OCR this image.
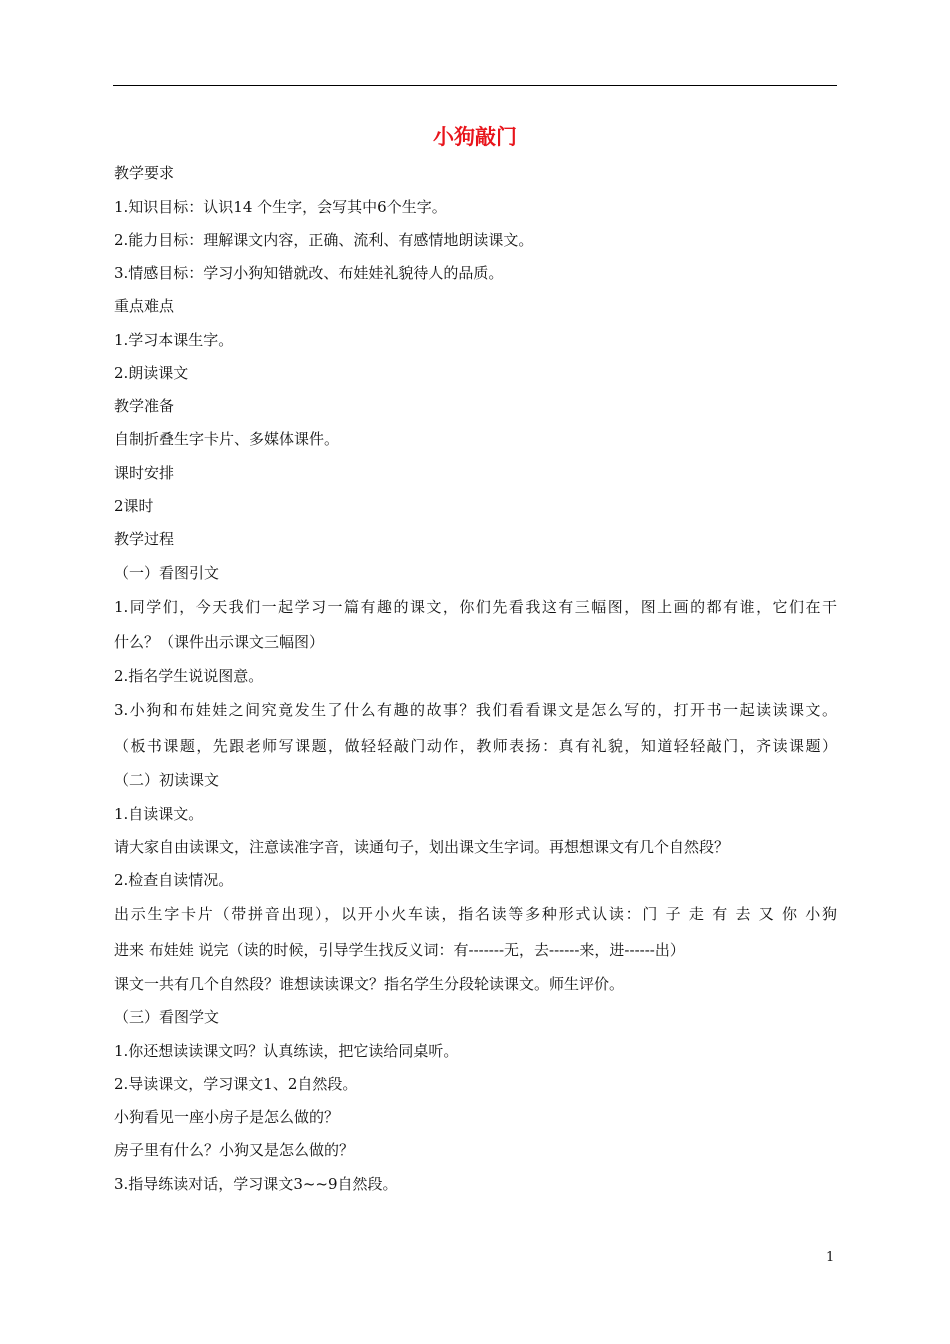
小狗敲门
教学要求
1.知识目标：认识14 个生字，会写其中6个生字。
2.能力目标：理解课文内容，正确、流利、有感情地朗读课文。
3.情感目标：学习小狗知错就改、布娃娃礼貌待人的品质。
重点难点
1.学习本课生字。
2.朗读课文
教学准备
自制折叠生字卡片、多媒体课件。
课时安排
2课时
教学过程
（一）看图引文
1.同学们，今天我们一起学习一篇有趣的课文，你们先看我这有三幅图，图上画的都有谁，它们在干
什么？（课件出示课文三幅图）
2.指名学生说说图意。
3.小狗和布娃娃之间究竟发生了什么有趣的故事？我们看看课文是怎么写的，打开书一起读读课文。
（板书课题，先跟老师写课题，做轻轻敲门动作，教师表扬：真有礼貌，知道轻轻敲门，齐读课题）
（二）初读课文
1.自读课文。
请大家自由读课文，注意读准字音，读通句子，划出课文生字词。再想想课文有几个自然段？
2.检查自读情况。
出示生字卡片（带拼音出现），以开小火车读，指名读等多种形式认读：门 子 走 有 去 又 你 小狗
进来 布娃娃 说完（读的时候，引导学生找反义词：有-------无，去------来，进------出）
课文一共有几个自然段？谁想读读课文？指名学生分段轮读课文。师生评价。
（三）看图学文
1.你还想读读课文吗？认真练读，把它读给同桌听。
2.导读课文，学习课文1、2自然段。
小狗看见一座小房子是怎么做的？
房子里有什么？小狗又是怎么做的？
3.指导练读对话，学习课文3~~9自然段。
1
